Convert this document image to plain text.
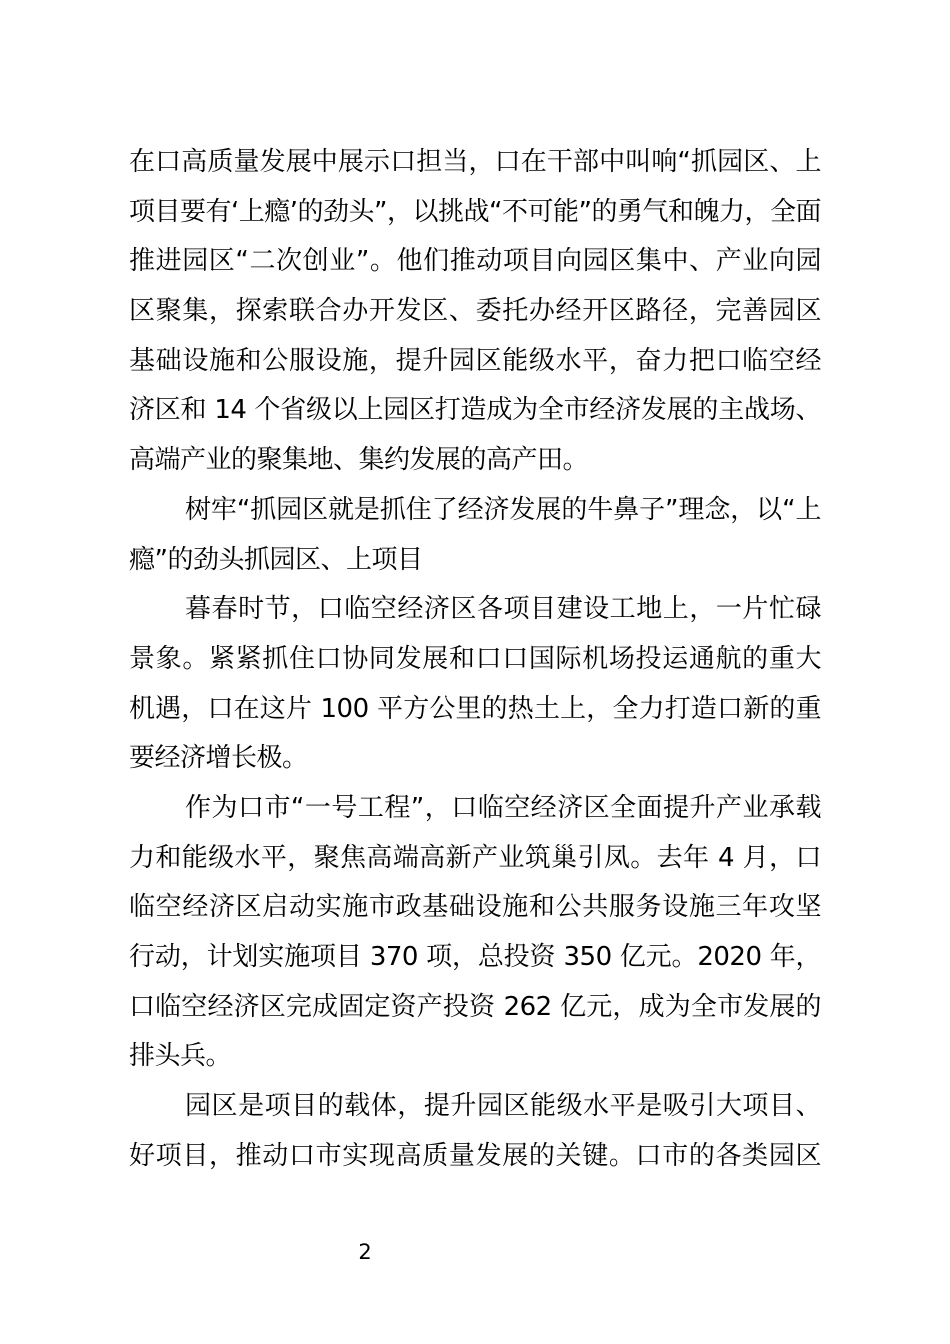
在口高质量发展中展示口担当，口在干部中叫响“抓园区、上
项目要有‘上瘾’的劲头”，以挑战“不可能”的勇气和魄力，全面
推进园区“二次创业”。他们推动项目向园区集中、产业向园
区聚集，探索联合办开发区、委托办经开区路径，完善园区
基础设施和公服设施，提升园区能级水平，奋力把口临空经
济区和 14 个省级以上园区打造成为全市经济发展的主战场、
高端产业的聚集地、集约发展的高产田。
树牢“抓园区就是抓住了经济发展的牛鼻子”理念，以“上
瘾”的劲头抓园区、上项目
暮春时节，口临空经济区各项目建设工地上，一片忙碌
景象。紧紧抓住口协同发展和口口国际机场投运通航的重大
机遇，口在这片 100 平方公里的热土上，全力打造口新的重
要经济增长极。
作为口市“一号工程”，口临空经济区全面提升产业承载
力和能级水平，聚焦高端高新产业筑巢引凤。去年 4 月，口
临空经济区启动实施市政基础设施和公共服务设施三年攻坚
行动，计划实施项目 370 项，总投资 350 亿元。2020 年，
口临空经济区完成固定资产投资 262 亿元，成为全市发展的
排头兵。
园区是项目的载体，提升园区能级水平是吸引大项目、
好项目，推动口市实现高质量发展的关键。口市的各类园区
2
